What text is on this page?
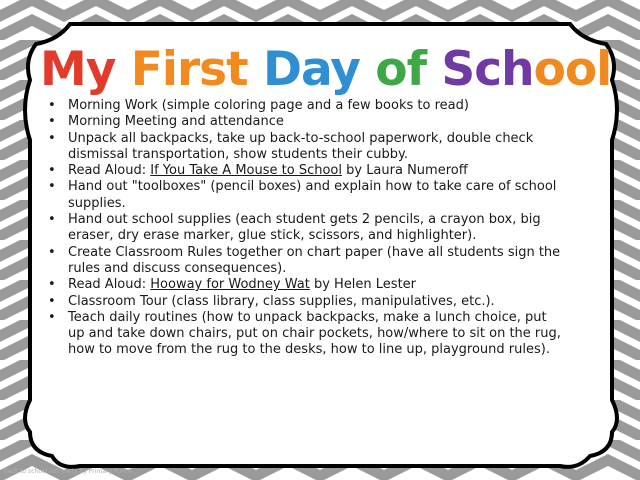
My First Day of School
• Morning Work (simple coloring page and a few books to read)
• Morning Meeting and attendance
• Unpack all backpacks, take up back-to-school paperwork, double check dismissal transportation, show students their cubby.
• Read Aloud: If You Take A Mouse to School by Laura Numeroff
• Hand out "toolboxes" (pencil boxes) and explain how to take care of school supplies.
• Hand out school supplies (each student gets 2 pencils, a crayon box, big eraser, dry erase marker, glue stick, scissors, and highlighter).
• Create Classroom Rules together on chart paper (have all students sign the rules and discuss consequences).
• Read Aloud: Hooway for Wodney Wat by Helen Lester
• Classroom Tour (class library, class supplies, manipulatives, etc.).
• Teach daily routines (how to unpack backpacks, make a lunch choice, put up and take down chairs, put on chair pockets, how/where to sit on the rug, how to move from the rug to the desks, how to line up, playground rules).
back to school link party by Primary Punch
